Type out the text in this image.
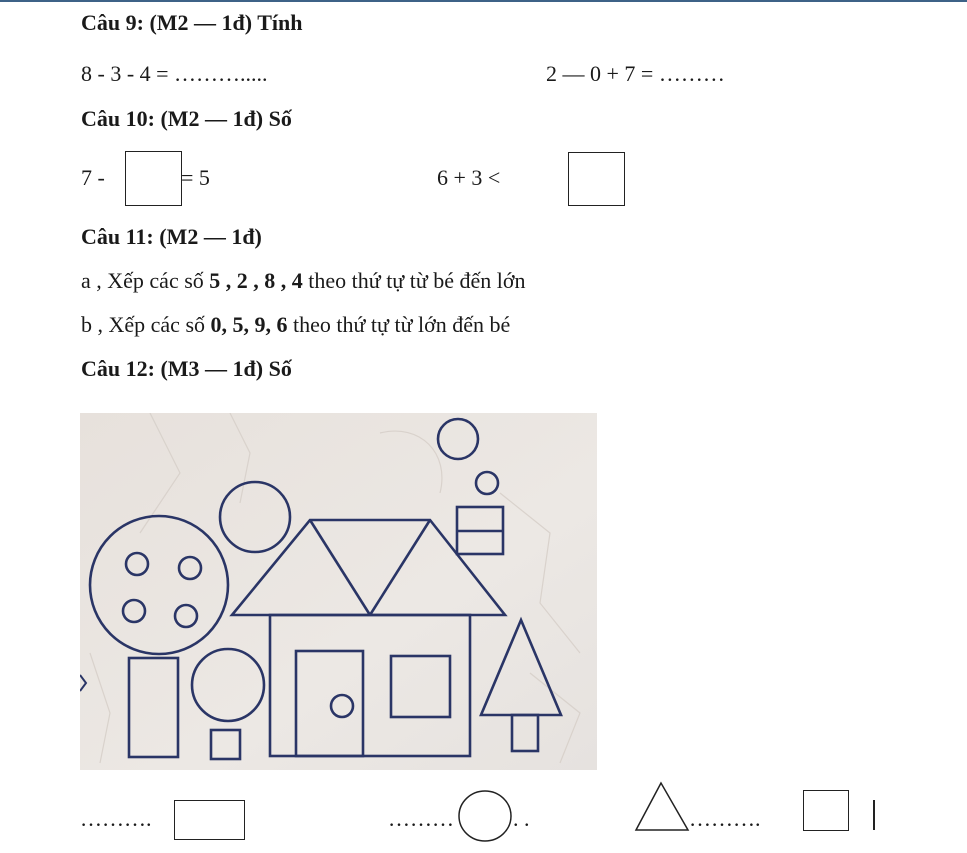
Câu 9: (M2 — 1đ) Tính
8 - 3 - 4 = ……….....	2 — 0 + 7 = ………
Câu 10: (M2 — 1đ) Số
7 -	= 5	6 + 3 <
Câu 11: (M2 — 1đ)
a , Xếp các số 5 , 2 , 8 , 4 theo thứ tự từ bé đến lớn
b , Xếp các số 0, 5, 9, 6 theo thứ tự từ lớn đến bé
Câu 12: (M3 — 1đ) Số
……….	………	. .	……….
